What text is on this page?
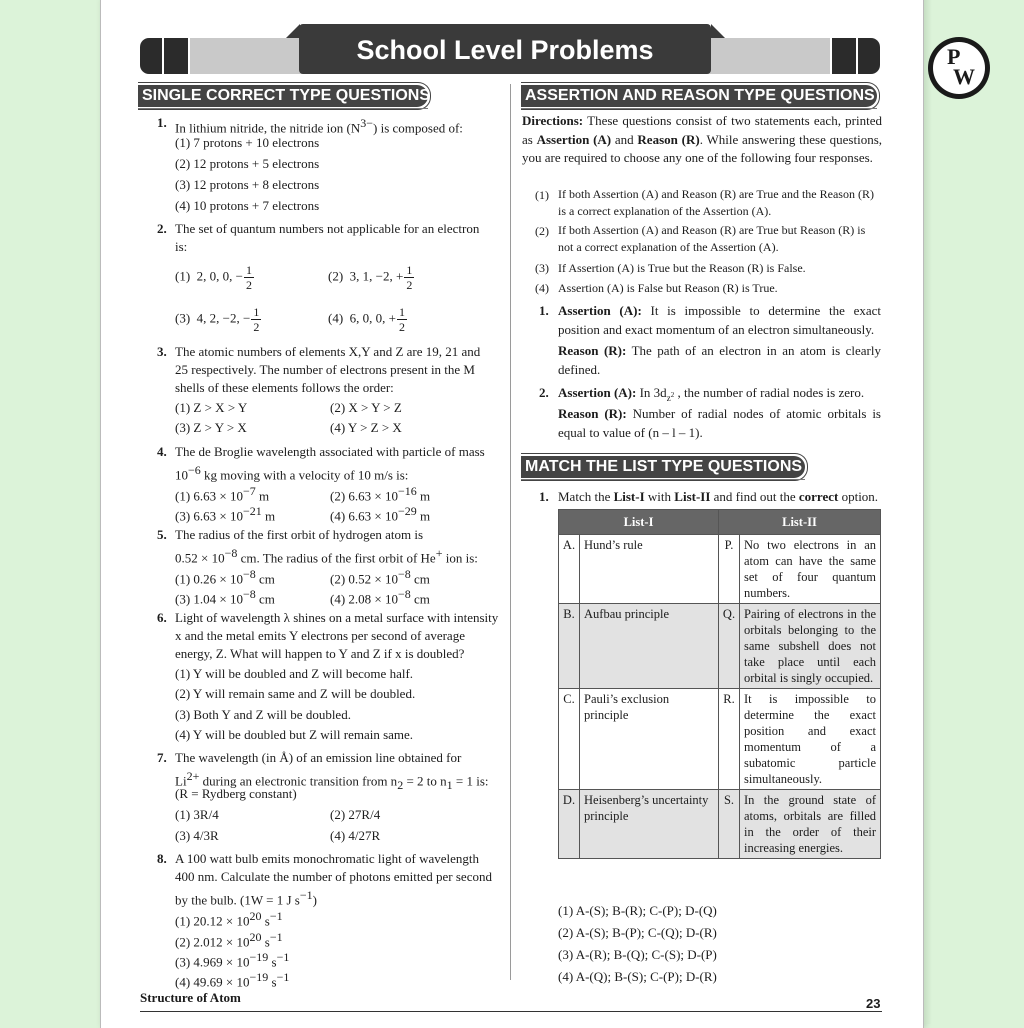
School Level Problems	P
W
SINGLE CORRECT TYPE QUESTIONS	ASSERTION AND REASON TYPE QUESTIONS
MATCH THE LIST TYPE QUESTIONS
1. In lithium nitride, the nitride ion $(N^{3-})$ is composed of:
(1) 7 protons + 10 electrons
(2) 12 protons + 5 electrons
(3) 12 protons + 8 electrons
(4) 10 protons + 7 electrons
2. The set of quantum numbers not applicable for an electron
is:
(1) 2, 0, 0, − $\frac{1}{2}$	(2) 3, 1, −2, + $\frac{1}{2}$
(3) 4, 2, −2, − $\frac{1}{2}$	(4) 6, 0, 0, + $\frac{1}{2}$
3. The atomic numbers of elements X,Y and Z are 19, 21 and
25 respectively. The number of electrons present in the M
shells of these elements follows the order:
(1) Z > X > Y	(2) X > Y > Z
(3) Z > Y > X	(4) Y > Z > X
4. The de Broglie wavelength associated with particle of mass
$10^{-6}$ kg moving with a velocity of 10 m/s is:
(1) $6.63 \times 10^{-7}$ m	(2) $6.63 \times 10^{-16}$ m
(3) $6.63 \times 10^{-21}$ m	(4) $6.63 \times 10^{-29}$ m
5. The radius of the first orbit of hydrogen atom is
$0.52 \times 10^{-8}$ cm. The radius of the first orbit of He+ ion is:
(1) $0.26 \times 10^{-8}$ cm	(2) $0.52 \times 10^{-8}$ cm
(3) $1.04 \times 10^{-8}$ cm	(4) $2.08 \times 10^{-8}$ cm
6. Light of wavelength λ shines on a metal surface with intensity
x and the metal emits Y electrons per second of average
energy, Z. What will happen to Y and Z if x is doubled?
(1) Y will be doubled and Z will become half.
(2) Y will remain same and Z will be doubled.
(3) Both Y and Z will be doubled.
(4) Y will be doubled but Z will remain same.
7. The wavelength (in Å) of an emission line obtained for
$Li^{2+}$ during an electronic transition from $n_2 = 2$ to $n_1 = 1$ is:
(R = Rydberg constant)
(1) 3R/4	(2) 27R/4
(3) 4/3R	(4) 4/27R
8. A 100 watt bulb emits monochromatic light of wavelength
400 nm. Calculate the number of photons emitted per second
by the bulb. (1W = 1 J $s^{-1}$)
(1) $20.12 \times 10^{20}$ $s^{-1}$
(2) $2.012 \times 10^{20}$ $s^{-1}$
(3) $4.969 \times 10^{-19}$ $s^{-1}$
(4) $49.69 \times 10^{-19}$ $s^{-1}$
Directions: These questions consist of two statements each, printed as Assertion (A) and Reason (R). While answering these questions, you are required to choose any one of the following four responses.
(1) If both Assertion (A) and Reason (R) are True and the Reason (R) is a correct explanation of the Assertion (A).
(2) If both Assertion (A) and Reason (R) are True but Reason (R) is not a correct explanation of the Assertion (A).
(3) If Assertion (A) is True but the Reason (R) is False.
(4) Assertion (A) is False but Reason (R) is True.
1. Assertion (A): It is impossible to determine the exact position and exact momentum of an electron simultaneously.
Reason (R): The path of an electron in an atom is clearly defined.
2. Assertion (A): In $3d_{z^2}$ , the number of radial nodes is zero.
Reason (R): Number of radial nodes of atomic orbitals is equal to value of (n – l – 1).
1. Match the List-I with List-II and find out the correct option.
List-I		List-II	
A.	Hund’s rule	P.	No two electrons in an atom can have the same set of four quantum numbers.
B.	Aufbau principle	Q.	Pairing of electrons in the orbitals belonging to the same subshell does not take place until each orbital is singly occupied.
C.	Pauli’s exclusion principle	R.	It is impossible to determine the exact position and exact momentum of a subatomic particle simultaneously.
D.	Heisenberg’s uncertainty principle	S.	In the ground state of atoms, orbitals are filled in the order of their increasing energies.
(1) A-(S); B-(R); C-(P); D-(Q)
(2) A-(S); B-(P); C-(Q); D-(R)
(3) A-(R); B-(Q); C-(S); D-(P)
(4) A-(Q); B-(S); C-(P); D-(R)
Structure of Atom	23
